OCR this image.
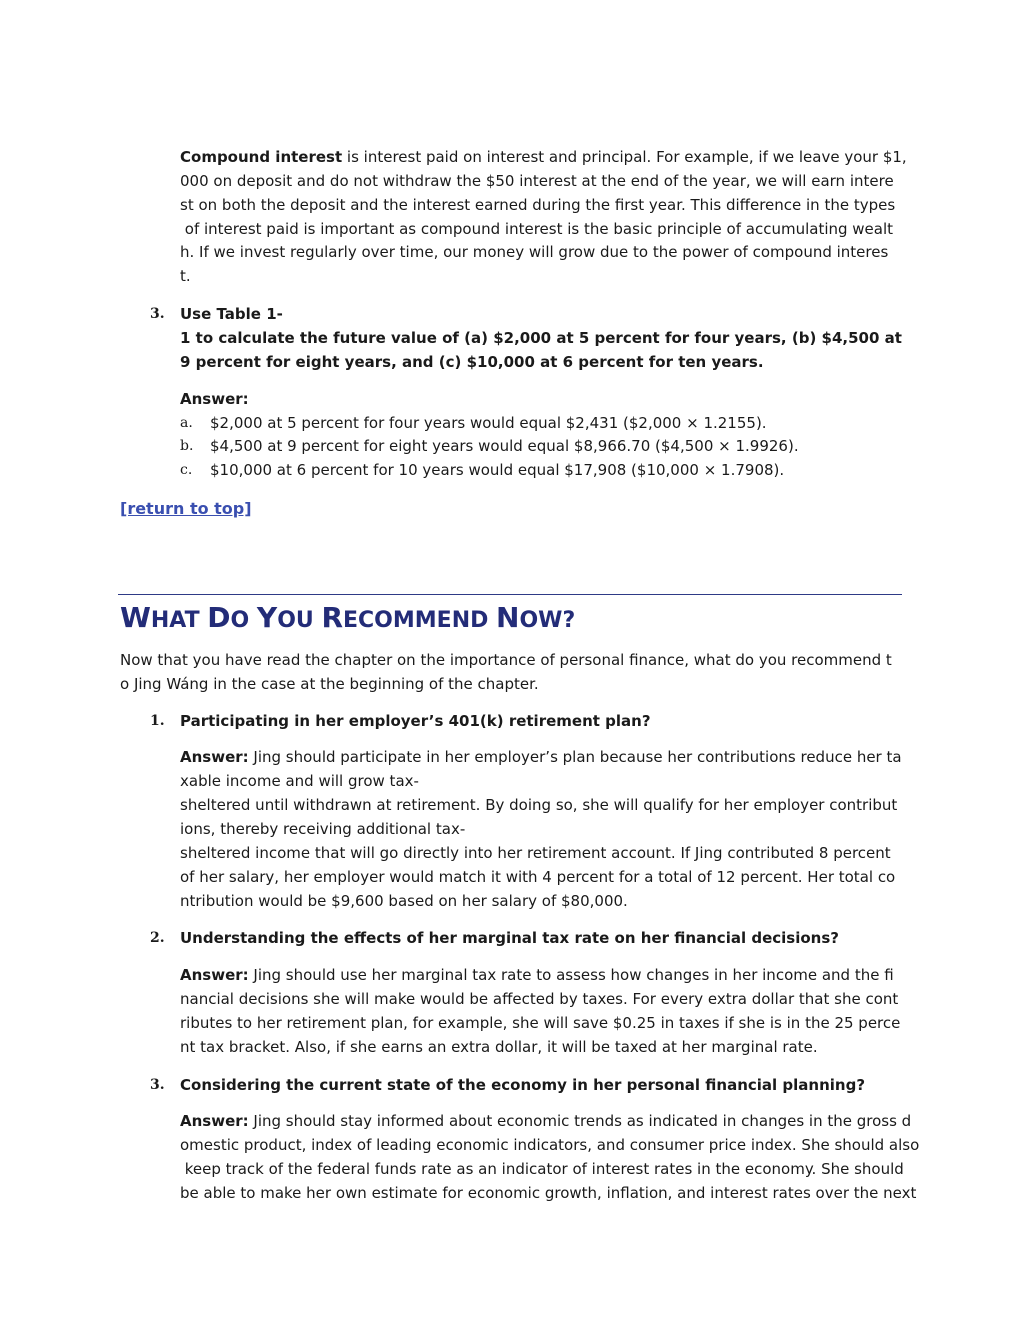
Compound interest is interest paid on interest and principal. For example, if we leave your $1,
000 on deposit and do not withdraw the $50 interest at the end of the year, we will earn intere
st on both the deposit and the interest earned during the first year. This difference in the types
of interest paid is important as compound interest is the basic principle of accumulating wealt
h. If we invest regularly over time, our money will grow due to the power of compound interes
t.
3. Use Table 1-
1 to calculate the future value of (a) $2,000 at 5 percent for four years, (b) $4,500 at
9 percent for eight years, and (c) $10,000 at 6 percent for ten years.
Answer:
a. $2,000 at 5 percent for four years would equal $2,431 ($2,000 × 1.2155).
b. $4,500 at 9 percent for eight years would equal $8,966.70 ($4,500 × 1.9926).
c. $10,000 at 6 percent for 10 years would equal $17,908 ($10,000 × 1.7908).
[return to top]
WHAT DO YOU RECOMMEND NOW?
Now that you have read the chapter on the importance of personal finance, what do you recommend t
o Jing Wáng in the case at the beginning of the chapter.
1. Participating in her employer’s 401(k) retirement plan?
Answer: Jing should participate in her employer’s plan because her contributions reduce her ta
xable income and will grow tax-
sheltered until withdrawn at retirement. By doing so, she will qualify for her employer contribut
ions, thereby receiving additional tax-
sheltered income that will go directly into her retirement account. If Jing contributed 8 percent
of her salary, her employer would match it with 4 percent for a total of 12 percent. Her total co
ntribution would be $9,600 based on her salary of $80,000.
2. Understanding the effects of her marginal tax rate on her financial decisions?
Answer: Jing should use her marginal tax rate to assess how changes in her income and the fi
nancial decisions she will make would be affected by taxes. For every extra dollar that she cont
ributes to her retirement plan, for example, she will save $0.25 in taxes if she is in the 25 perce
nt tax bracket. Also, if she earns an extra dollar, it will be taxed at her marginal rate.
3. Considering the current state of the economy in her personal financial planning?
Answer: Jing should stay informed about economic trends as indicated in changes in the gross d
omestic product, index of leading economic indicators, and consumer price index. She should also
keep track of the federal funds rate as an indicator of interest rates in the economy. She should
be able to make her own estimate for economic growth, inflation, and interest rates over the next
